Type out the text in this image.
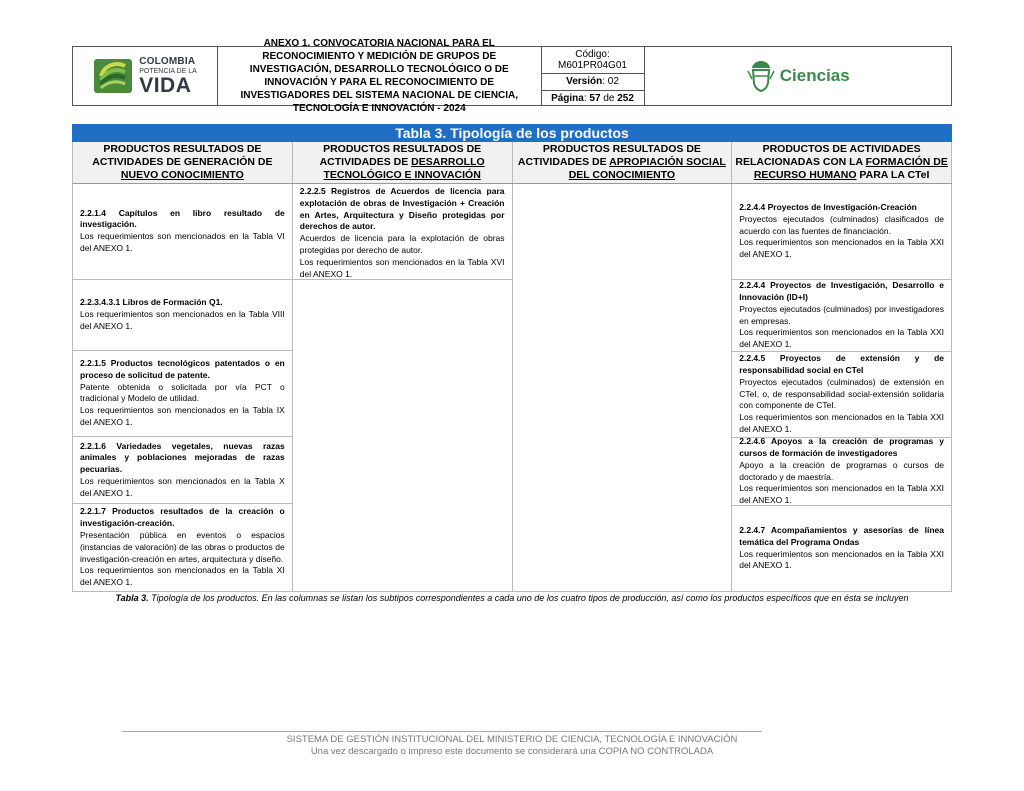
COLOMBIA
POTENCIA DE LA
VIDA
ANEXO 1. CONVOCATORIA NACIONAL PARA EL RECONOCIMIENTO Y MEDICIÓN DE GRUPOS DE INVESTIGACIÓN, DESARROLLO TECNOLÓGICO O DE INNOVACIÓN Y PARA EL RECONOCIMIENTO DE INVESTIGADORES DEL SISTEMA NACIONAL DE CIENCIA, TECNOLOGÍA E INNOVACIÓN - 2024
Código:
M601PR04G01
Versión: 02
Página: 57 de 252
Ciencias
Tabla 3. Tipología de los productos
PRODUCTOS RESULTADOS DE ACTIVIDADES DE GENERACIÓN DE NUEVO CONOCIMIENTO
PRODUCTOS RESULTADOS DE ACTIVIDADES DE DESARROLLO TECNOLÓGICO E INNOVACIÓN
PRODUCTOS RESULTADOS DE ACTIVIDADES DE APROPIACIÓN SOCIAL DEL CONOCIMIENTO
PRODUCTOS DE ACTIVIDADES RELACIONADAS CON LA FORMACIÓN DE RECURSO HUMANO PARA LA CTeI
2.2.1.4 Capítulos en libro resultado de investigación.
Los requerimientos son mencionados en la Tabla VI del ANEXO 1.
2.2.3.4.3.1 Libros de Formación Q1.
Los requerimientos son mencionados en la Tabla VIII del ANEXO 1.
2.2.1.5 Productos tecnológicos patentados o en proceso de solicitud de patente.
Patente obtenida o solicitada por vía PCT o tradicional y Modelo de utilidad.
Los requerimientos son mencionados en la Tabla IX del ANEXO 1.
2.2.1.6 Variedades vegetales, nuevas razas animales y poblaciones mejoradas de razas pecuarias.
Los requerimientos son mencionados en la Tabla X del ANEXO 1.
2.2.1.7 Productos resultados de la creación o investigación-creación.
Presentación pública en eventos o espacios (instancias de valoración) de las obras o productos de investigación-creación en artes, arquitectura y diseño.
Los requerimientos son mencionados en la Tabla XI del ANEXO 1.
2.2.2.5 Registros de Acuerdos de licencia para explotación de obras de Investigación + Creación en Artes, Arquitectura y Diseño protegidas por derechos de autor.
Acuerdos de licencia para la explotación de obras protegidas por derecho de autor.
Los requerimientos son mencionados en la Tabla XVI del ANEXO 1.
2.2.4.4 Proyectos de Investigación-Creación
Proyectos ejecutados (culminados) clasificados de acuerdo con las fuentes de financiación.
Los requerimientos son mencionados en la Tabla XXI del ANEXO 1.
2.2.4.4 Proyectos de Investigación, Desarrollo e Innovación (ID+I)
Proyectos ejecutados (culminados) por investigadores en empresas.
Los requerimientos son mencionados en la Tabla XXI del ANEXO 1.
2.2.4.5 Proyectos de extensión y de responsabilidad social en CTeI
Proyectos ejecutados (culminados) de extensión en CTeI, o, de responsabilidad social-extensión solidaria con componente de CTeI.
Los requerimientos son mencionados en la Tabla XXI del ANEXO 1.
2.2.4.6 Apoyos a la creación de programas y cursos de formación de investigadores
Apoyo a la creación de programas o cursos de doctorado y de maestría.
Los requerimientos son mencionados en la Tabla XXI del ANEXO 1.
2.2.4.7 Acompañamientos y asesorías de línea temática del Programa Ondas
Los requerimientos son mencionados en la Tabla XXI del ANEXO 1.
Tabla 3. Tipología de los productos. En las columnas se listan los subtipos correspondientes a cada uno de los cuatro tipos de producción, así como los productos específicos que en ésta se incluyen
SISTEMA DE GESTIÓN INSTITUCIONAL DEL MINISTERIO DE CIENCIA, TECNOLOGÍA E INNOVACIÓN
Una vez descargado o impreso este documento se considerará una COPIA NO CONTROLADA
